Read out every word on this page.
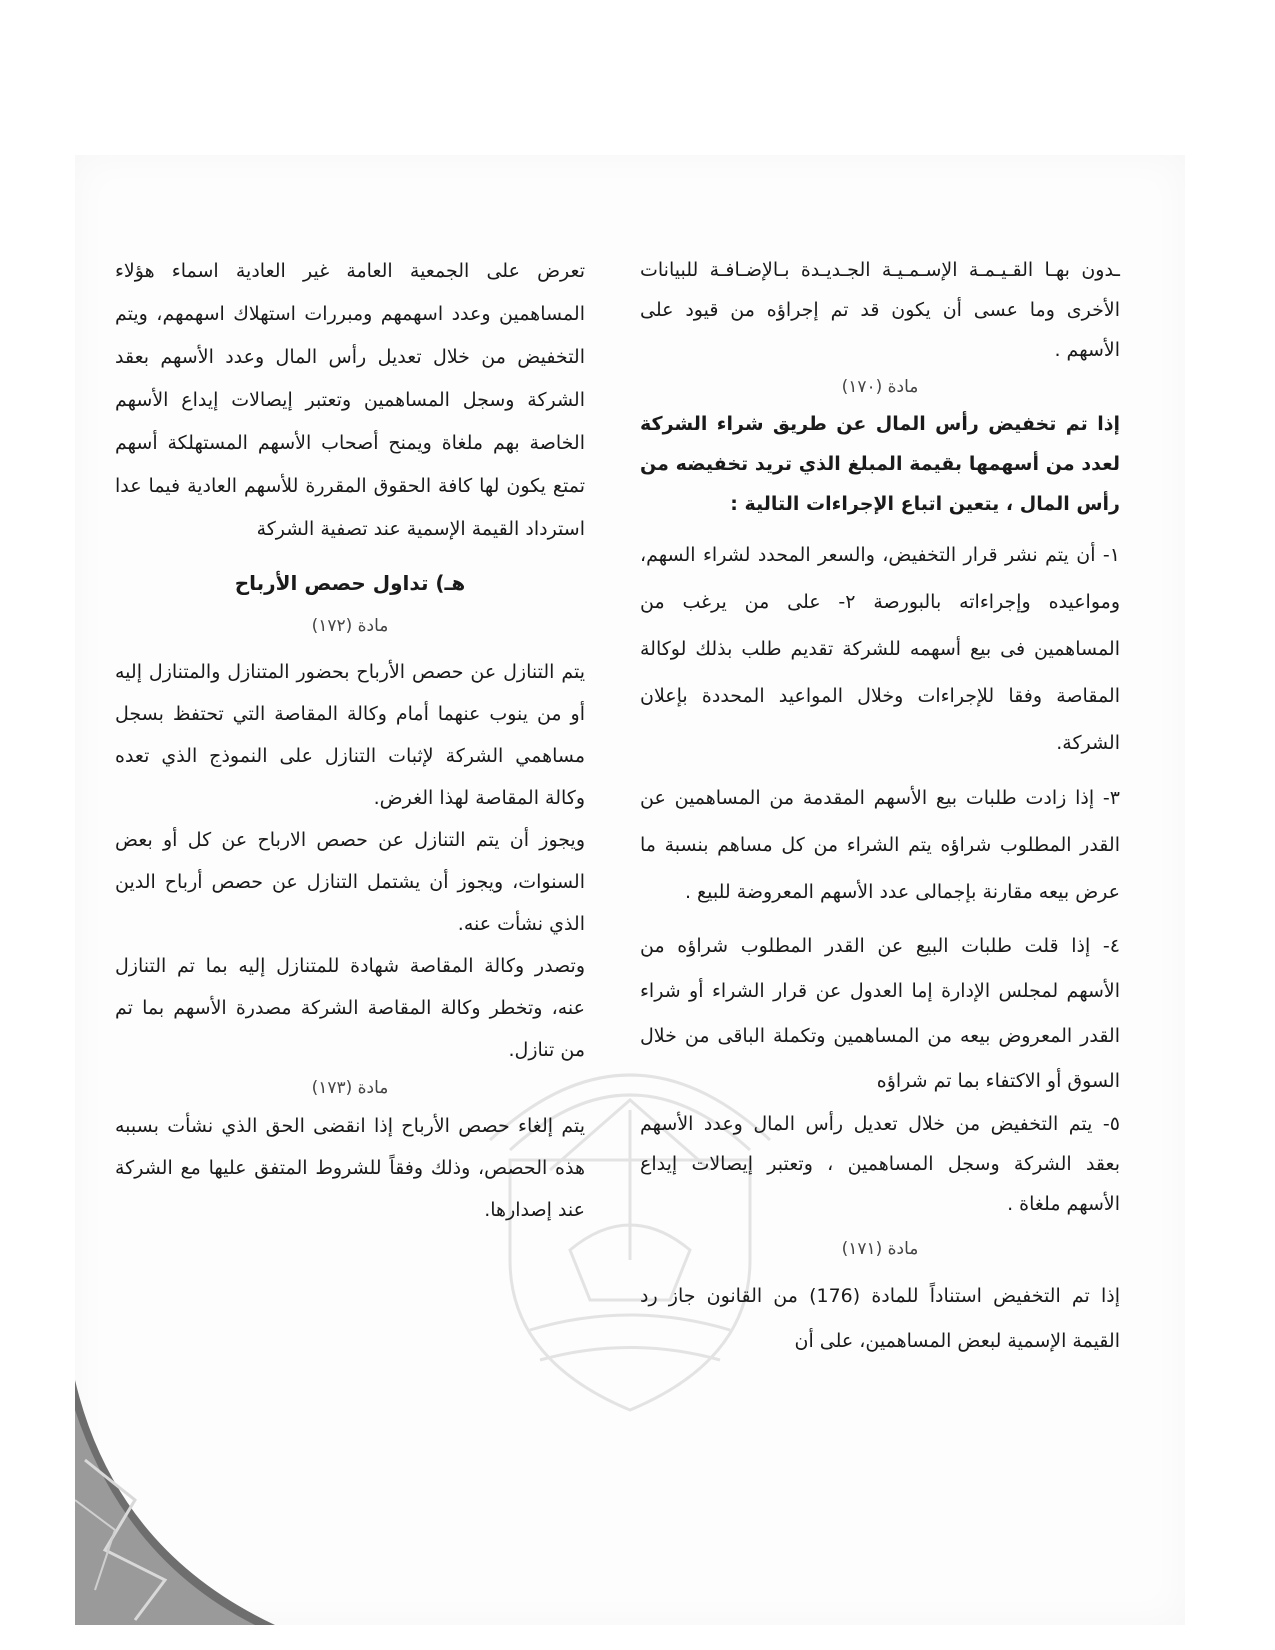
ـدون بهـا القـيـمـة الإسـمـيـة الجـديـدة بـالإضـافـة للبيانات الأخرى وما عسى أن يكون قد تم إجراؤه من قيود على الأسهم .

مادة (١٧٠)

إذا تم تخفيض رأس المال عن طريق شراء الشركة لعدد من أسهمها بقيمة المبلغ الذي تريد تخفيضه من رأس المال ، يتعين اتباع الإجراءات التالية :

١- أن يتم نشر قرار التخفيض، والسعر المحدد لشراء السهم، ومواعيده وإجراءاته بالبورصة ٢- على من يرغب من المساهمين فى بيع أسهمه للشركة تقديم طلب بذلك لوكالة المقاصة وفقا للإجراءات وخلال المواعيد المحددة بإعلان الشركة.

٣- إذا زادت طلبات بيع الأسهم المقدمة من المساهمين عن القدر المطلوب شراؤه يتم الشراء من كل مساهم بنسبة ما عرض بيعه مقارنة بإجمالى عدد الأسهم المعروضة للبيع .

٤- إذا قلت طلبات البيع عن القدر المطلوب شراؤه من الأسهم لمجلس الإدارة إما العدول عن قرار الشراء أو شراء القدر المعروض بيعه من المساهمين وتكملة الباقى من خلال السوق أو الاكتفاء بما تم شراؤه

٥- يتم التخفيض من خلال تعديل رأس المال وعدد الأسهم بعقد الشركة وسجل المساهمين ، وتعتبر إيصالات إيداع الأسهم ملغاة .

مادة (١٧١)

إذا تم التخفيض استناداً للمادة (176) من القانون جاز رد القيمة الإسمية لبعض المساهمين، على أن

تعرض على الجمعية العامة غير العادية اسماء هؤلاء المساهمين وعدد اسهمهم ومبررات استهلاك اسهمهم، ويتم التخفيض من خلال تعديل رأس المال وعدد الأسهم بعقد الشركة وسجل المساهمين وتعتبر إيصالات إيداع الأسهم الخاصة بهم ملغاة ويمنح أصحاب الأسهم المستهلكة أسهم تمتع يكون لها كافة الحقوق المقررة للأسهم العادية فيما عدا استرداد القيمة الإسمية عند تصفية الشركة

هـ) تداول حصص الأرباح

مادة (١٧٢)

يتم التنازل عن حصص الأرباح بحضور المتنازل والمتنازل إليه أو من ينوب عنهما أمام وكالة المقاصة التي تحتفظ بسجل مساهمي الشركة لإثبات التنازل على النموذج الذي تعده وكالة المقاصة لهذا الغرض.

ويجوز أن يتم التنازل عن حصص الارباح عن كل أو بعض السنوات، ويجوز أن يشتمل التنازل عن حصص أرباح الدين الذي نشأت عنه.

وتصدر وكالة المقاصة شهادة للمتنازل إليه بما تم التنازل عنه، وتخطر وكالة المقاصة الشركة مصدرة الأسهم بما تم من تنازل.

مادة (١٧٣)

يتم إلغاء حصص الأرباح إذا انقضى الحق الذي نشأت بسببه هذه الحصص، وذلك وفقاً للشروط المتفق عليها مع الشركة عند إصدارها.
